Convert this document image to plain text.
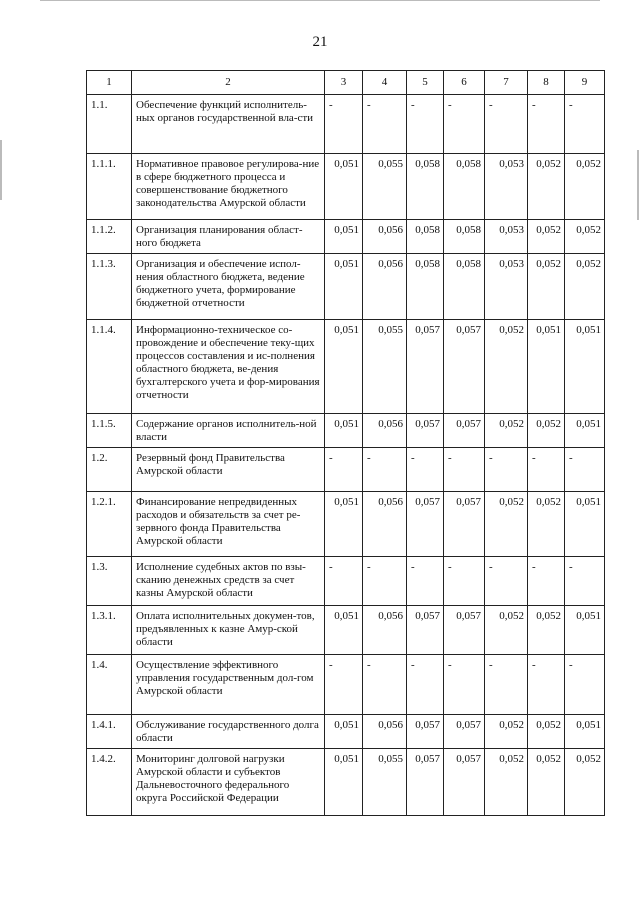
21
1	2	3	4	5	6	7	8	9
1.1.	Обеспечение функций исполнитель-ных органов государственной вла-сти	-	-	-	-	-	-	-
1.1.1.	Нормативное правовое регулирова-ние в сфере бюджетного процесса и совершенствование бюджетного законодательства Амурской области	0,051	0,055	0,058	0,058	0,053	0,052	0,052
1.1.2.	Организация планирования област-ного бюджета	0,051	0,056	0,058	0,058	0,053	0,052	0,052
1.1.3.	Организация и обеспечение испол-нения областного бюджета, ведение бюджетного учета, формирование бюджетной отчетности	0,051	0,056	0,058	0,058	0,053	0,052	0,052
1.1.4.	Информационно-техническое со-провождение и обеспечение теку-щих процессов составления и ис-полнения областного бюджета, ве-дения бухгалтерского учета и фор-мирования отчетности	0,051	0,055	0,057	0,057	0,052	0,051	0,051
1.1.5.	Содержание органов исполнитель-ной власти	0,051	0,056	0,057	0,057	0,052	0,052	0,051
1.2.	Резервный фонд Правительства Амурской области	-	-	-	-	-	-	-
1.2.1.	Финансирование непредвиденных расходов и обязательств за счет ре-зервного фонда Правительства Амурской области	0,051	0,056	0,057	0,057	0,052	0,052	0,051
1.3.	Исполнение судебных актов по взы-сканию денежных средств за счет казны Амурской области	-	-	-	-	-	-	-
1.3.1.	Оплата исполнительных докумен-тов, предъявленных к казне Амур-ской области	0,051	0,056	0,057	0,057	0,052	0,052	0,051
1.4.	Осуществление эффективного управления государственным дол-гом Амурской области	-	-	-	-	-	-	-
1.4.1.	Обслуживание государственного долга области	0,051	0,056	0,057	0,057	0,052	0,052	0,051
1.4.2.	Мониторинг долговой нагрузки Амурской области и субъектов Дальневосточного федерального округа Российской Федерации	0,051	0,055	0,057	0,057	0,052	0,052	0,052
